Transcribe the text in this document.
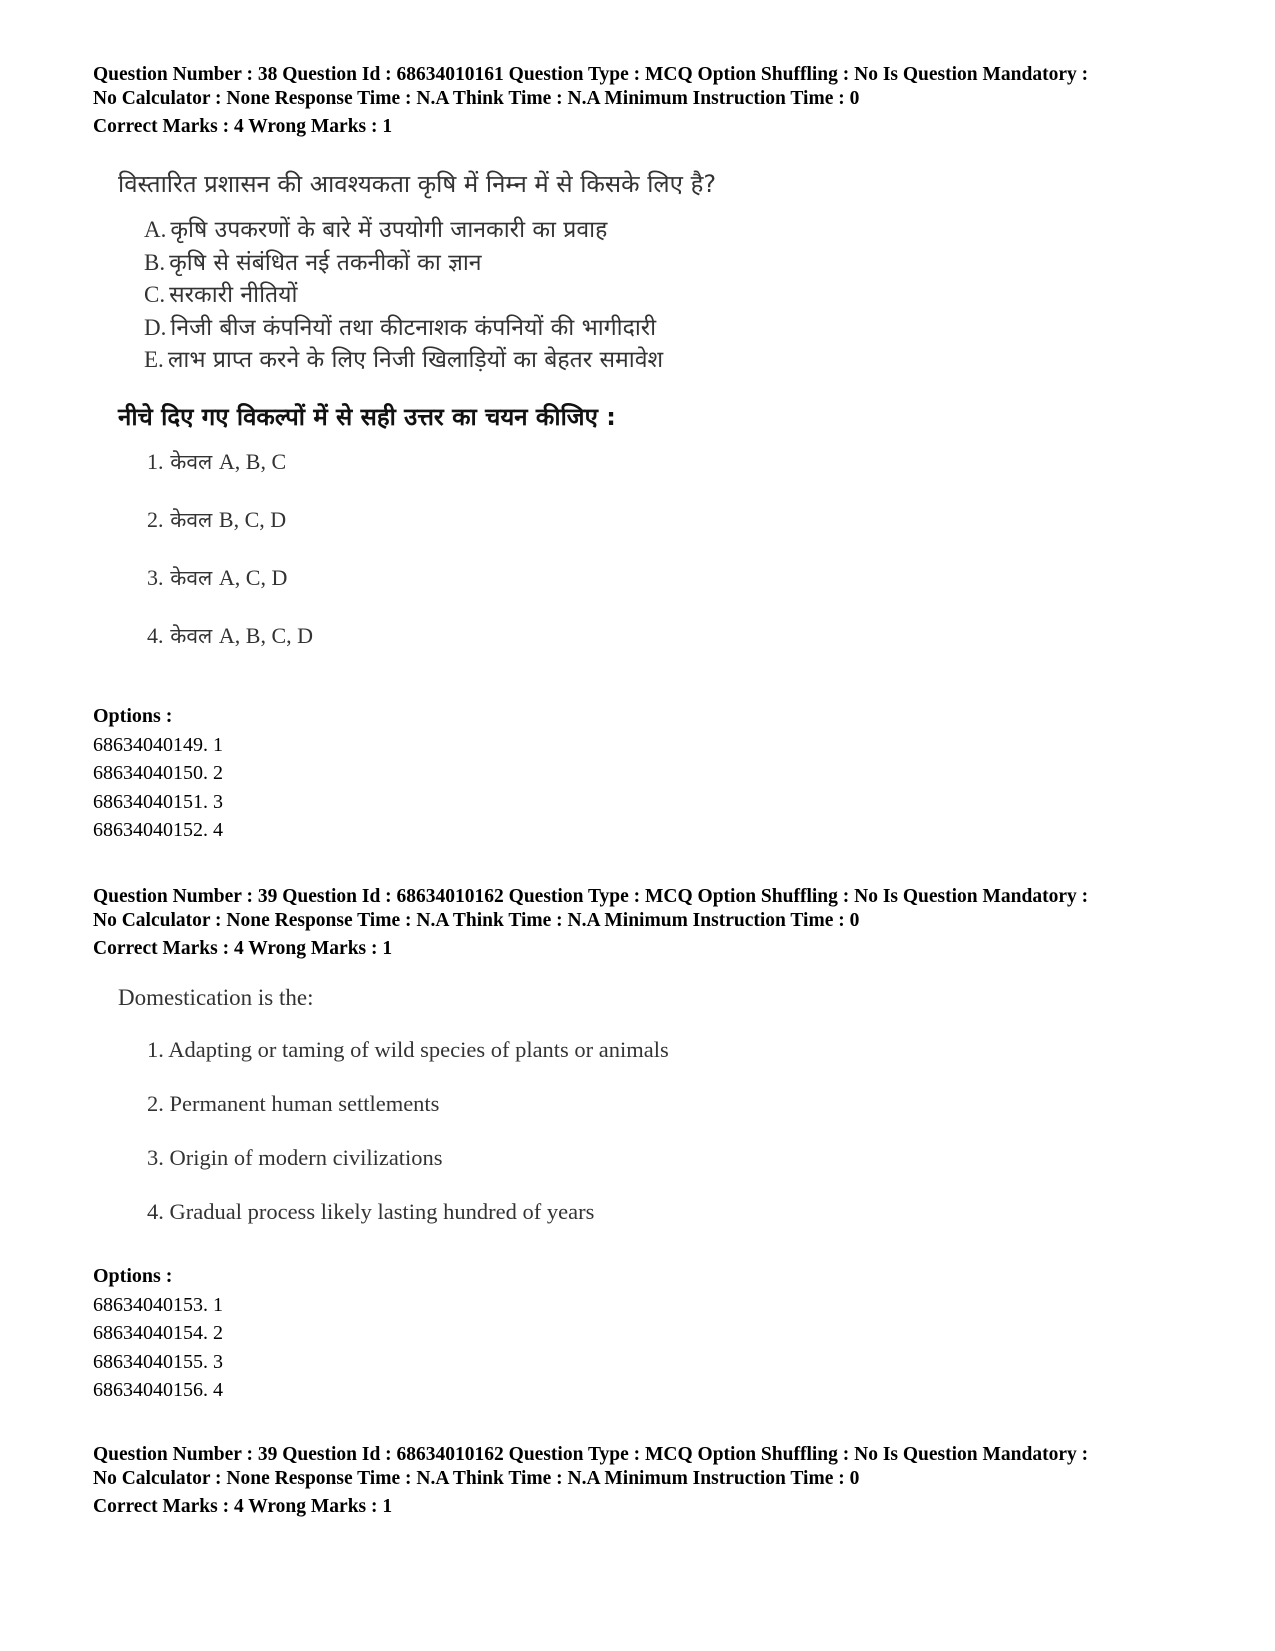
Question Number : 38 Question Id : 68634010161 Question Type : MCQ Option Shuffling : No Is Question Mandatory :
No Calculator : None Response Time : N.A Think Time : N.A Minimum Instruction Time : 0
Correct Marks : 4 Wrong Marks : 1
विस्तारित प्रशासन की आवश्यकता कृषि में निम्न में से किसके लिए है?
A. कृषि उपकरणों के बारे में उपयोगी जानकारी का प्रवाह
B. कृषि से संबंधित नई तकनीकों का ज्ञान
C. सरकारी नीतियों
D. निजी बीज कंपनियों तथा कीटनाशक कंपनियों की भागीदारी
E. लाभ प्राप्त करने के लिए निजी खिलाड़ियों का बेहतर समावेश
नीचे दिए गए विकल्पों में से सही उत्तर का चयन कीजिए :
1. केवल A, B, C
2. केवल B, C, D
3. केवल A, C, D
4. केवल A, B, C, D
Options :
68634040149. 1
68634040150. 2
68634040151. 3
68634040152. 4
Question Number : 39 Question Id : 68634010162 Question Type : MCQ Option Shuffling : No Is Question Mandatory :
No Calculator : None Response Time : N.A Think Time : N.A Minimum Instruction Time : 0
Correct Marks : 4 Wrong Marks : 1
Domestication is the:
1. Adapting or taming of wild species of plants or animals
2. Permanent human settlements
3. Origin of modern civilizations
4. Gradual process likely lasting hundred of years
Options :
68634040153. 1
68634040154. 2
68634040155. 3
68634040156. 4
Question Number : 39 Question Id : 68634010162 Question Type : MCQ Option Shuffling : No Is Question Mandatory :
No Calculator : None Response Time : N.A Think Time : N.A Minimum Instruction Time : 0
Correct Marks : 4 Wrong Marks : 1
